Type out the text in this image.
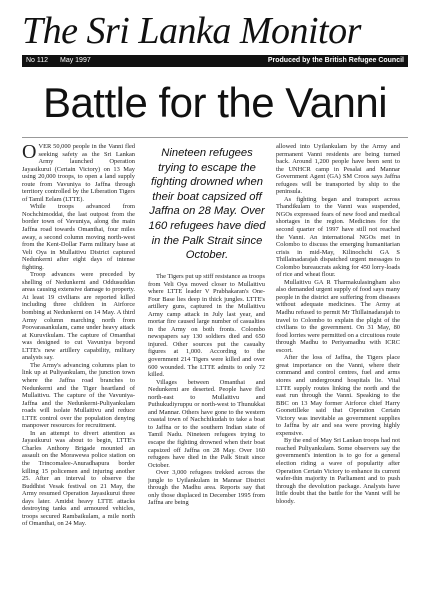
The Sri Lanka Monitor
No 112	May 1997	Produced by the British Refugee Council
Battle for the Vanni

OVER 50,000 people in the Vanni fled seeking safety as the Sri Lankan Army launched Operation Jayasikurui (Certain Victory) on 13 May using 20,000 troops, to open a land supply route from Vavuniya to Jaffna through territory controlled by the Liberation Tigers of Tamil Eelam (LTTE).

While troops advanced from Nochchimoddai, the last outpost from the border town of Vavuniya, along the main Jaffna road towards Omanthai, four miles away, a second column moving north-west from the Kent-Dollar Farm military base at Veli Oya in Mullaitivu District captured Nedunkerni after eight days of intense fighting.

Troop advances were preceded by shelling of Nedunkerni and Oddusuddan areas causing extensive damage to property. At least 19 civilians are reported killed including three children in Airforce bombing at Nedunkerni on 14 May. A third Army column marching north from Poovarasankulam, came under heavy attack at Kuruvikulam. The capture of Omanthai was designed to cut Vavuniya beyond LTTE's new artillery capability, military analysts say.

The Army's advancing columns plan to link up at Puliyankulam, the junction town where the Jaffna road branches to Nedunkerni and the Tiger heartland of Mullaitivu. The capture of the Vavuniya-Jaffna and the Nedunkerni-Puliyankulam roads will isolate Mullaitivu and reduce LTTE control over the population denying manpower resources for recruitment.

In an attempt to divert attention as Jayasikurui was about to begin, LTTE's Charles Anthony Brigade mounted an assault on the Morawewa police station on the Trincomalee-Anuradhapura border killing 15 policemen and injuring another 25. After an interval to observe the Buddhist Vesak festival on 21 May, the Army resumed Operation Jayasikurui three days later. Amidst heavy LTTE attacks destroying tanks and armoured vehicles, troops secured Rambaikulam, a mile north of Omanthai, on 24 May.

Nineteen refugees trying to escape the fighting drowned when their boat capsized off Jaffna on 28 May. Over 160 refugees have died in the Palk Strait since October.

The Tigers put up stiff resistance as troops from Veli Oya moved closer to Mullaitivu where LTTE leader V Prabhakaran's One-Four Base lies deep in thick jungles. LTTE's artillery guns, captured in the Mullaitivu Army camp attack in July last year, and mortar fire caused large number of casualties in the Army on both fronts. Colombo newspapers say 130 soldiers died and 650 injured. Other sources put the casualty figures at 1,000. According to the government 214 Tigers were killed and over 600 wounded. The LTTE admits to only 72 killed.

Villages between Omanthai and Nedunkerni are deserted. People have fled north-east to Mullaitivu and Puthukudiyruppu or north-west to Thunukkai and Mannar. Others have gone to the western coastal town of Nachchikudah to take a boat to Jaffna or to the southern Indian state of Tamil Nadu. Nineteen refugees trying to escape the fighting drowned when their boat capsized off Jaffna on 28 May. Over 160 refugees have died in the Palk Strait since October.

Over 3,000 refugees trekked across the jungle to Uyilankulam in Mannar District through the Madhu area. Reports say that only those displaced in December 1995 from Jaffna are being

allowed into Uyilankulam by the Army and permanent Vanni residents are being turned back. Around 1,200 people have been sent to the UNHCR camp in Pesalai and Mannar Government Agent (GA) SM Croos says Jaffna refugees will be transported by ship to the peninsula.

As fighting began and transport across Thandikulam to the Vanni was suspended, NGOs expressed fears of new food and medical shortages in the region. Medicines for the second quarter of 1997 have still not reached the Vanni. An international NGOs met in Colombo to discuss the emerging humanitarian crisis in mid-May, Kilinochchi GA S Thillainadarajah dispatched urgent messages to Colombo bureaucrats asking for 450 lorry-loads of rice and wheat flour.

Mullaitivu GA R Tharmakulasingham also also demanded urgent supply of food says many people in the district are suffering from diseases without adequate medicines. The Army at Madhu refused to permit Mr Thillainadarajah to travel to Colombo to explain the plight of the civilians to the government. On 31 May, 80 food lorries were permitted on a circuitous route through Madhu to Periyamadhu with ICRC escort.

After the loss of Jaffna, the Tigers place great importance on the Vanni, where their command and control centres, fuel and arms stores and underground hospitals lie. Vital LTTE supply routes linking the north and the east run through the Vanni. Speaking to the BBC on 13 May former Airforce chief Harry Goonetilleke said that Operation Certain Victory was inevitable as government supplies to Jaffna by air and sea were proving highly expensive.

By the end of May Sri Lankan troops had not reached Puliyankulam. Some observers say the government's intention is to go for a general election riding a wave of popularity after Operation Certain Victory to enhance its current wafer-thin majority in Parliament and to push through the devolution package. Analysts have little doubt that the battle for the Vanni will be bloody.
